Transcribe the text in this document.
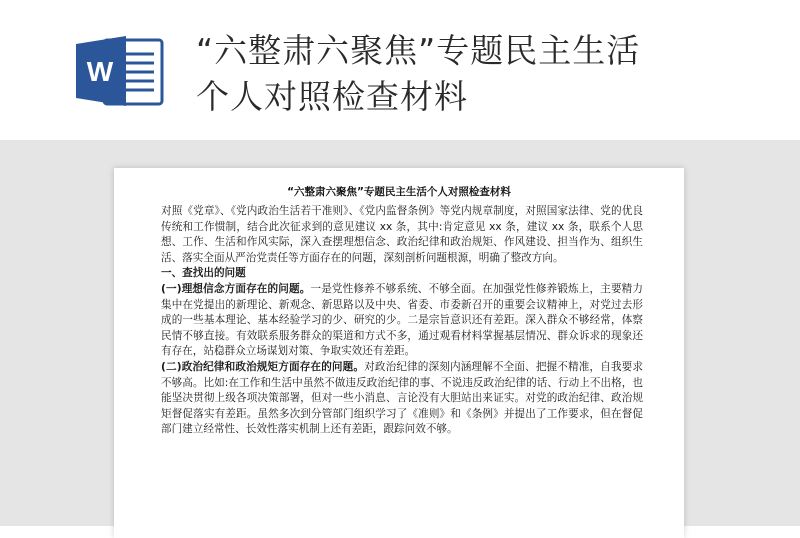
W
“六整肃六聚焦”专题民主生活
个人对照检查材料
“六整肃六聚焦”专题民主生活个人对照检查材料

对照《党章》、《党内政治生活若干准则》、《党内监督条例》等党内规章制度，对照国家法律、党的优良传统和工作惯制，结合此次征求到的意见建议 xx 条，其中:肯定意见 xx 条，建议 xx 条，联系个人思想、工作、生活和作风实际，深入查摆理想信念、政治纪律和政治规矩、作风建设、担当作为、组织生活、落实全面从严治党责任等方面存在的问题，深刻剖析问题根源，明确了整改方向。

一、查找出的问题

(一)理想信念方面存在的问题。一是党性修养不够系统、不够全面。在加强党性修养锻炼上，主要精力集中在党提出的新理论、新观念、新思路以及中央、省委、市委新召开的重要会议精神上，对党过去形成的一些基本理论、基本经验学习的少、研究的少。二是宗旨意识还有差距。深入群众不够经常，体察民情不够直接。有效联系服务群众的渠道和方式不多，通过观看材料掌握基层情况、群众诉求的现象还有存在，站稳群众立场谋划对策、争取实效还有差距。

(二)政治纪律和政治规矩方面存在的问题。对政治纪律的深刻内涵理解不全面、把握不精准，自我要求不够高。比如:在工作和生活中虽然不做违反政治纪律的事、不说违反政治纪律的话、行动上不出格，也能坚决贯彻上级各项决策部署，但对一些小消息、言论没有大胆站出来证实。对党的政治纪律、政治规矩督促落实有差距。虽然多次到分管部门组织学习了《准则》和《条例》并提出了工作要求，但在督促部门建立经常性、长效性落实机制上还有差距，跟踪问效不够。
